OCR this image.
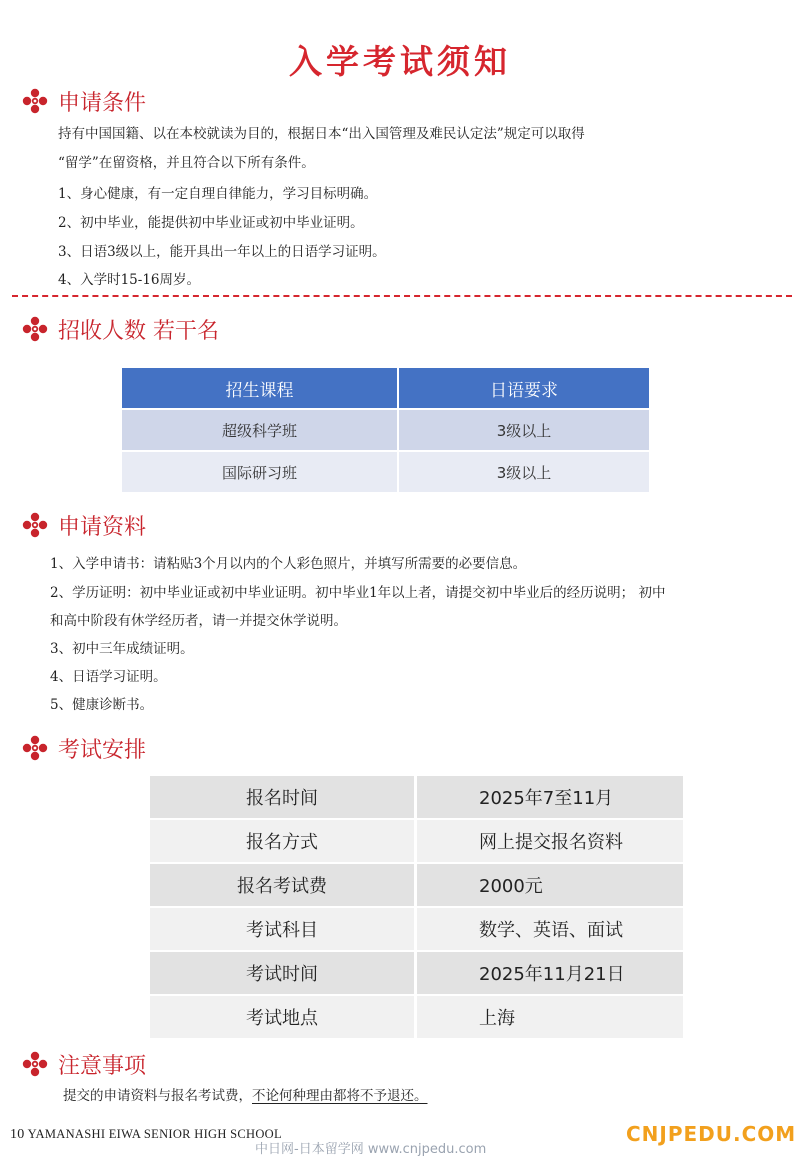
入学考试须知
申请条件
持有中国国籍、以在本校就读为目的，根据日本“出入国管理及难民认定法”规定可以取得
“留学”在留资格，并且符合以下所有条件。
1、身心健康，有一定自理自律能力，学习目标明确。
2、初中毕业，能提供初中毕业证或初中毕业证明。
3、日语3级以上，能开具出一年以上的日语学习证明。
4、入学时15-16周岁。
招收人数 若干名
招生课程	日语要求
超级科学班	3级以上
国际研习班	3级以上
申请资料
1、入学申请书：请粘贴3个月以内的个人彩色照片，并填写所需要的必要信息。
2、学历证明：初中毕业证或初中毕业证明。初中毕业1年以上者，请提交初中毕业后的经历说明； 初中
和高中阶段有休学经历者，请一并提交休学说明。
3、初中三年成绩证明。
4、日语学习证明。
5、健康诊断书。
考试安排
报名时间	2025年7至11月
报名方式	网上提交报名资料
报名考试费	2000元
考试科目	数学、英语、面试
考试时间	2025年11月21日
考试地点	上海
注意事项
提交的申请资料与报名考试费，不论何种理由都将不予退还。
10 YAMANASHI EIWA SENIOR HIGH SCHOOL
中日网-日本留学网 www.cnjpedu.com
CNJPEDU.COM
